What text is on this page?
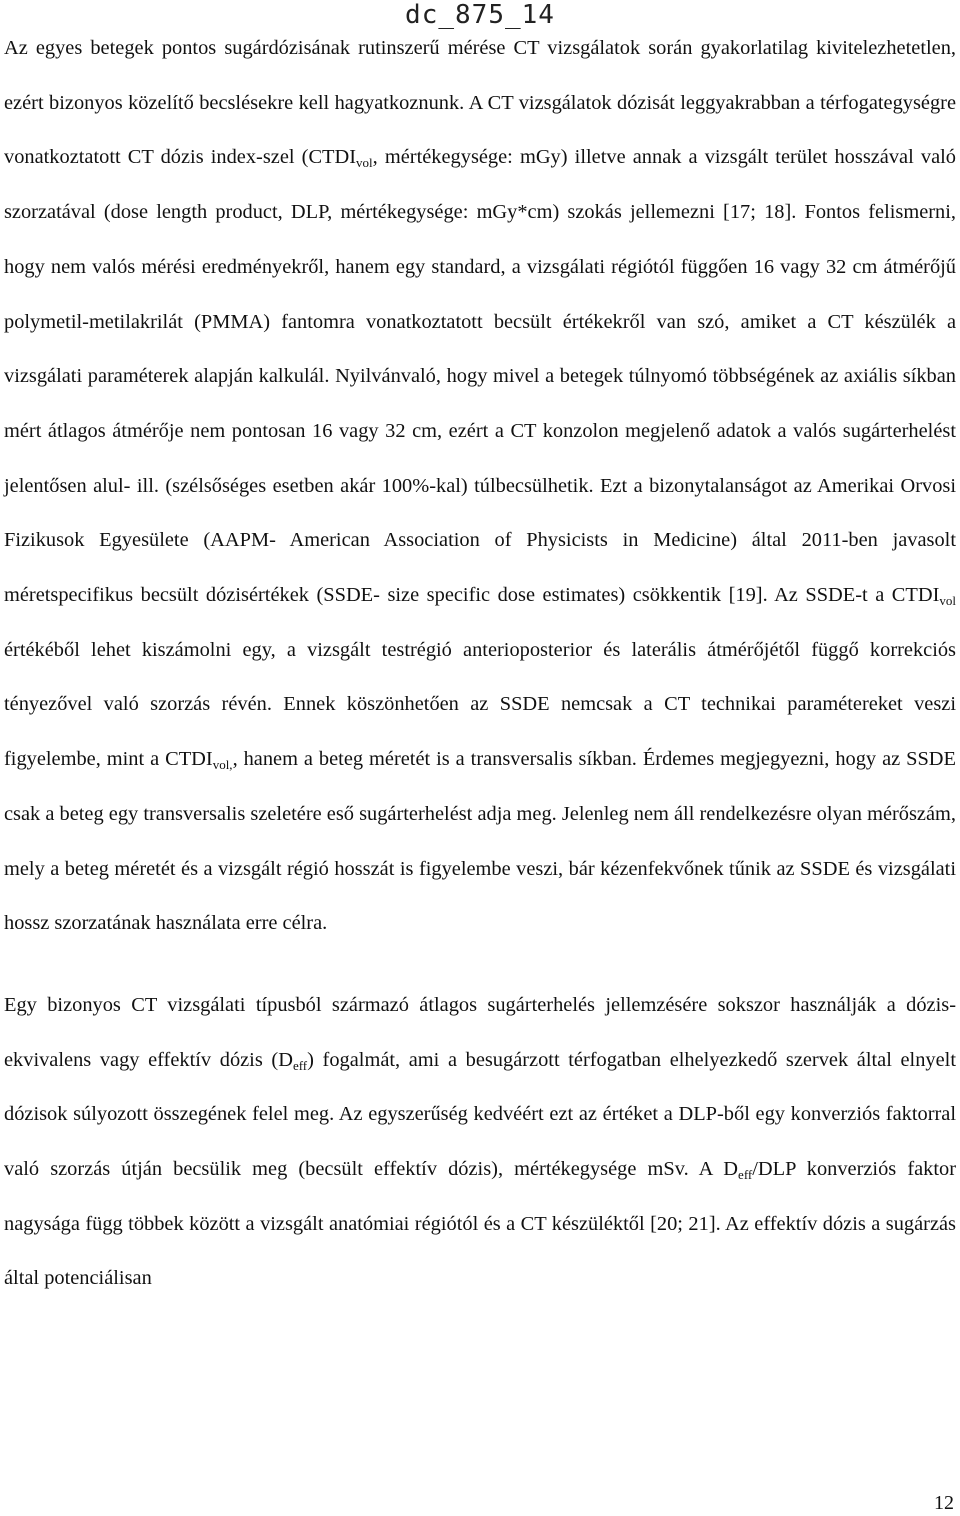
dc_875_14

Az egyes betegek pontos sugárdózisának rutinszerű mérése CT vizsgálatok során gyakorlatilag kivitelezhetetlen, ezért bizonyos közelítő becslésekre kell hagyatkoznunk. A CT vizsgálatok dózisát leggyakrabban a térfogategységre vonatkoztatott CT dózis index-szel ($CTDI_{vol}$, mértékegysége: mGy) illetve annak a vizsgált terület hosszával való szorzatával (dose length product, DLP, mértékegysége: mGy*cm) szokás jellemezni [17; 18]. Fontos felismerni, hogy nem valós mérési eredményekről, hanem egy standard, a vizsgálati régiótól függően 16 vagy 32 cm átmérőjű polymetil-metilakrilát (PMMA) fantomra vonatkoztatott becsült értékekről van szó, amiket a CT készülék a vizsgálati paraméterek alapján kalkulál. Nyilvánvaló, hogy mivel a betegek túlnyomó többségének az axiális síkban mért átlagos átmérője nem pontosan 16 vagy 32 cm, ezért a CT konzolon megjelenő adatok a valós sugárterhelést jelentősen alul- ill. (szélsőséges esetben akár 100%-kal) túlbecsülhetik. Ezt a bizonytalanságot az Amerikai Orvosi Fizikusok Egyesülete (AAPM- American Association of Physicists in Medicine) által 2011-ben javasolt méretspecifikus becsült dózisértékek (SSDE- size specific dose estimates) csökkentik [19]. Az SSDE-t a $CTDI_{vol}$ értékéből lehet kiszámolni egy, a vizsgált testrégió anterioposterior és laterális átmérőjétől függő korrekciós tényezővel való szorzás révén. Ennek köszönhetően az SSDE nemcsak a CT technikai paramétereket veszi figyelembe, mint a $CTDI_{vol,}$, hanem a beteg méretét is a transversalis síkban. Érdemes megjegyezni, hogy az SSDE csak a beteg egy transversalis szeletére eső sugárterhelést adja meg. Jelenleg nem áll rendelkezésre olyan mérőszám, mely a beteg méretét és a vizsgált régió hosszát is figyelembe veszi, bár kézenfekvőnek tűnik az SSDE és vizsgálati hossz szorzatának használata erre célra.

Egy bizonyos CT vizsgálati típusból származó átlagos sugárterhelés jellemzésére sokszor használják a dózis-ekvivalens vagy effektív dózis $(D_{eff})$ fogalmát, ami a besugárzott térfogatban elhelyezkedő szervek által elnyelt dózisok súlyozott összegének felel meg. Az egyszerűség kedvéért ezt az értéket a DLP-ből egy konverziós faktorral való szorzás útján becsülik meg (becsült effektív dózis), mértékegysége mSv. A $D_{eff}$/DLP konverziós faktor nagysága függ többek között a vizsgált anatómiai régiótól és a CT készüléktől [20; 21]. Az effektív dózis a sugárzás által potenciálisan

12
